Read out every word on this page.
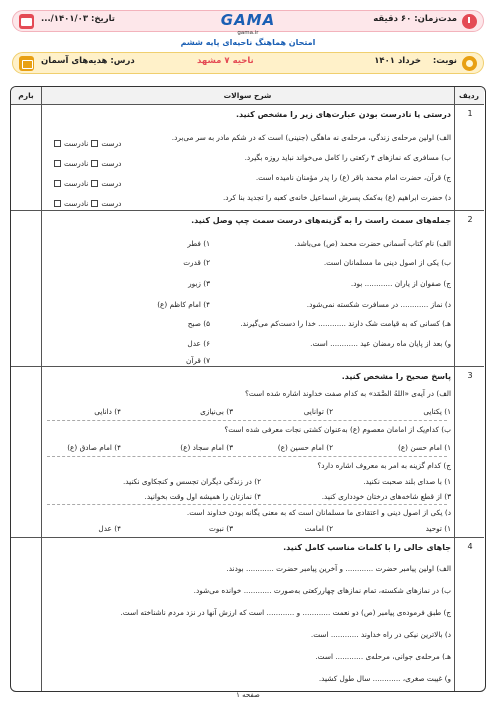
مدت‌زمان: ۶۰ دقیقه
تاریخ: ۱۴۰۱/۰۳/...	GAMA
امتحان هماهنگ ناحیه‌ای پایه ششم
gama.ir
نوبت:
خرداد ۱۴۰۱
ناحیه ۷ مشهد
درس: هدیه‌های آسمان
ردیف
شرح سوالات
بارم
1
درستی یا نادرست بودن عبارت‌های زیر را مشخص کنید.
الف) اولین مرحله‌ی زندگی، مرحله‌ی نه ماهگی (جنینی) است که در شکم مادر به سر می‌برد.
ب) مسافری که نمازهای ۴ رکعتی را کامل می‌خواند نباید روزه بگیرد.
ج) قرآن، حضرت امام محمد باقر (ع) را پدر مؤمنان نامیده است.
د) حضرت ابراهیم (ع) به‌کمک پسرش اسماعیل خانه‌ی کعبه را تجدید بنا کرد.
درستنادرست
درستنادرست
درستنادرست
درستنادرست
2
جمله‌های سمت راست را به گزینه‌های درست سمت چپ وصل کنید.
الف) نام کتاب آسمانی حضرت محمد (ص) می‌باشد.
ب) یکی از اصول دینی ما مسلمانان است.
ج) صفوان از یاران ............ بود.
د) نماز ............ در مسافرت شکسته نمی‌شود.
هـ) کسانی که به قیامت شک دارند ............ خدا را دست‌کم می‌گیرند.
و) بعد از پایان ماه رمضان عید ............ است.
۱) فطر
۲) قدرت
۳) زبور
۴) امام کاظم (ع)
۵) صبح
۶) عدل
۷) قرآن
3
پاسخ صحیح را مشخص کنید.
الف) در آیه‌ی «اللهُ الصَّمَد» به کدام صفت خداوند اشاره شده است؟
۱) یکتایی
۲) توانایی
۳) بی‌نیازی
۴) دانایی
ب) کدام‌یک از امامان معصوم (ع) به‌عنوان کشتی نجات معرفی شده است؟
۱) امام حسن (ع)
۲) امام حسین (ع)
۳) امام سجاد (ع)
۴) امام صادق (ع)
ج) کدام گزینه به امر به معروف اشاره دارد؟
۱) با صدای بلند صحبت نکنید.
۲) در زندگی دیگران تجسس و کنجکاوی نکنید.
۳) از قطع شاخه‌های درختان خودداری کنید.
۴) نمازتان را همیشه اول وقت بخوانید.
د) یکی از اصول دینی و اعتقادی ما مسلمانان است که به معنی یگانه بودن خداوند است.
۱) توحید
۲) امامت
۳) نبوت
۴) عدل
4
جاهای خالی را با کلمات مناسب کامل کنید.
الف) اولین پیامبر حضرت ............ و آخرین پیامبر حضرت ............ بودند.
ب) در نمازهای شکسته، تمام نمازهای چهاررکعتی به‌صورت ............ خوانده می‌شود.
ج) طبق فرموده‌ی پیامبر (ص) دو نعمت ............ و ............ است که ارزش آنها در نزد مردم ناشناخته است.
د) بالاترین نیکی در راه خداوند ............ است.
هـ) مرحله‌ی جوانی، مرحله‌ی ............ است.
و) غیبت صغری، ............ سال طول کشید.
صفحه ۱
